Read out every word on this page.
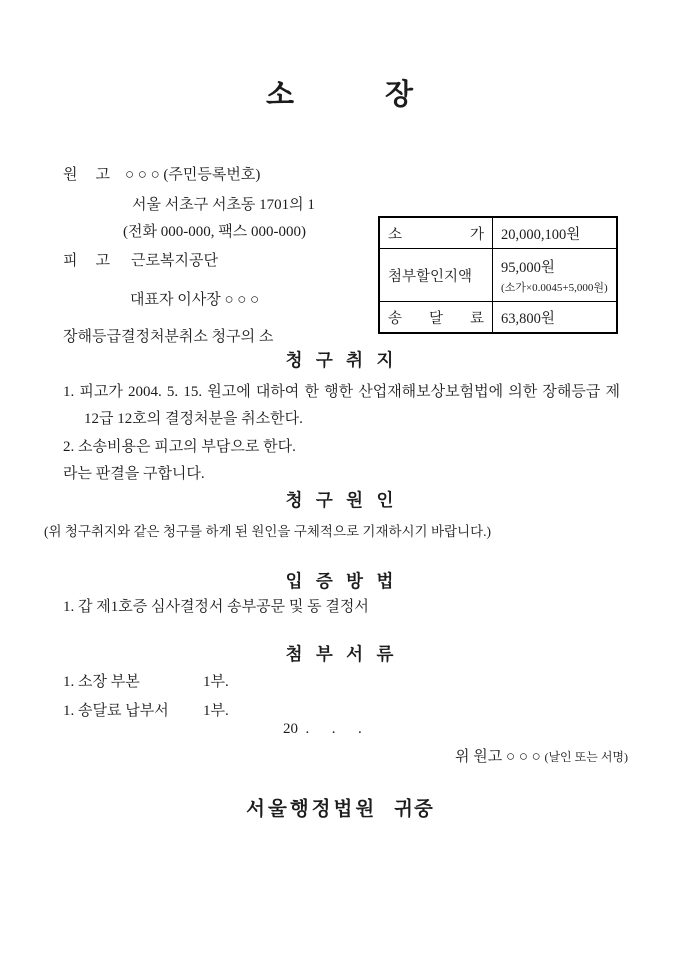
소   장
원 고 ○ ○ ○ (주민등록번호)
서울 서초구 서초동 1701의 1
(전화 000-000, 팩스 000-000)
피 고 근로복지공단
대표자 이사장 ○ ○ ○
장해등급결정처분취소 청구의 소
소 가	20,000,100원
첨부할인지액	95,000원
(소가×0.0045+5,000원)

송 달 료	63,800원
청 구 취 지
1. 피고가 2004. 5. 15. 원고에 대하여 한 행한 산업재해보상보험법에 의한 장해등급 제
12급 12호의 결정처분을 취소한다.
2. 소송비용은 피고의 부담으로 한다.
라는 판결을 구합니다.
청 구 원 인
(위 청구취지와 같은 청구를 하게 된 원인을 구체적으로 기재하시기 바랍니다.)
입 증 방 법
1. 갑 제1호증 심사결정서 송부공문 및 동 결정서
첨 부 서 류
1. 소장 부본	1부.
1. 송달료 납부서 1부.
20  .  .  .
위 원고 ○ ○ ○ (날인 또는 서명)
서울행정법원 귀중
